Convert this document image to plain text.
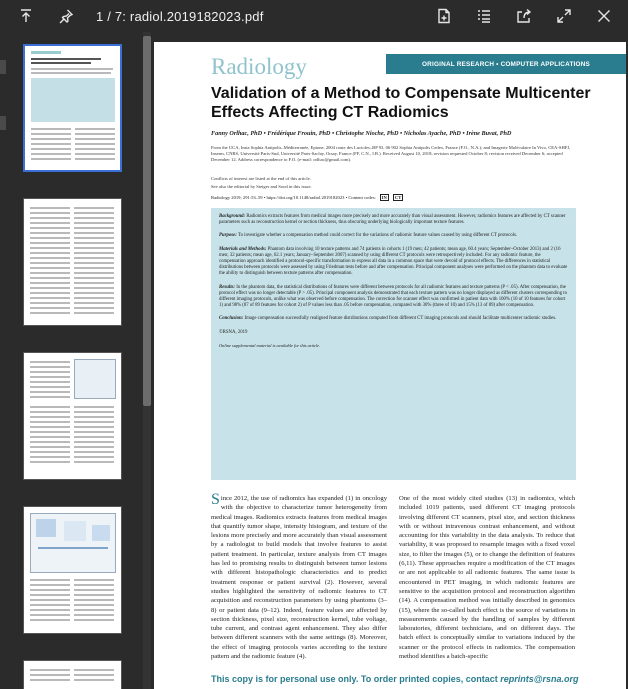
1 / 7: radiol.2019182023.pdf
ORIGINAL RESEARCH • COMPUTER APPLICATIONS
Radiology
Validation of a Method to Compensate Multicenter Effects Affecting CT Radiomics
Fanny Orlhac, PhD • Frédérique Frouin, PhD • Christophe Nioche, PhD • Nicholas Ayache, PhD • Irène Buvat, PhD
From the UCA, Inria Sophia Antipolis–Méditerranée, Epione, 2004 route des Lucioles–BP 93, 06 902 Sophia Antipolis Cedex, France (F.O., N.A.); and Imagerie Moléculaire In Vivo, CEA-SHFJ, Inserm, CNRS, Université Paris-Sud, Université Paris-Saclay, Orsay, France (FF, C.N., I.B.). Received August 10, 2018; revision requested October 8; revision received December 6; accepted December 12. Address correspondence to F.O. (e-mail: orlhac@gmail.com).
Conflicts of interest are listed at the end of this article.
See also the editorial by Steiger and Sood in this issue.
Radiology 2019; 291:53–59 • https://doi.org/10.1148/radiol.2019182023 • Content codes:	IN	CT

Background: Radiomics extracts features from medical images more precisely and more accurately than visual assessment. However, radiomics features are affected by CT scanner parameters such as reconstruction kernel or section thickness, thus obscuring underlying biologically important texture features.

Purpose: To investigate whether a compensation method could correct for the variations of radiomic feature values caused by using different CT protocols.

Materials and Methods: Phantom data involving 10 texture patterns and 74 patients in cohorts 1 (19 men; 42 patients; mean age, 60.4 years; September–October 2013) and 2 (16 men; 32 patients; mean age, 62.1 years; January–September 2007) scanned by using different CT protocols were retrospectively included. For any radiomic feature, the compensation approach identified a protocol-specific transformation to express all data in a common space that were devoid of protocol effects. The differences in statistical distributions between protocols were assessed by using Friedman tests before and after compensation. Principal component analyses were performed on the phantom data to evaluate the ability to distinguish between texture patterns after compensation.

Results: In the phantom data, the statistical distributions of features were different between protocols for all radiomic features and texture patterns (P < .05). After compensation, the protocol effect was no longer detectable (P > .05). Principal component analysis demonstrated that each texture pattern was no longer displayed as different clusters corresponding to different imaging protocols, unlike what was observed before compensation. The correction for scanner effect was confirmed in patient data with 100% (10 of 10 features for cohort 1) and 98% (87 of 89 features for cohort 2) of P values less than .05 before compensation, compared with 30% (three of 10) and 15% (13 of 89) after compensation.

Conclusion: Image compensation successfully realigned feature distributions computed from different CT imaging protocols and should facilitate multicenter radiomic studies.

©RSNA, 2019

Online supplemental material is available for this article.

Since 2012, the use of radiomics has expanded (1) in oncology with the objective to characterize tumor heterogeneity from medical images. Radiomics extracts features from medical images that quantify tumor shape, intensity histogram, and texture of the lesions more precisely and more accurately than visual assessment by a radiologist to build models that involve features to assist patient treatment. In particular, texture analysis from CT images has led to promising results to distinguish between tumor lesions with different histopathologic characteristics and to predict treatment response or patient survival (2). However, several studies highlighted the sensitivity of radiomic features to CT acquisition and reconstruction parameters by using phantoms (3–8) or patient data (9–12). Indeed, feature values are affected by section thickness, pixel size, reconstruction kernel, tube voltage, tube current, and contrast agent enhancement. They also differ between different scanners with the same settings (8). Moreover, the effect of imaging protocols varies according to the texture pattern and the radiomic feature (4).
One of the most widely cited studies (13) in radiomics, which included 1019 patients, used different CT imaging protocols involving different CT scanners, pixel size, and section thickness with or without intravenous contrast enhancement, and without accounting for this variability in the data analysis. To reduce that variability, it was proposed to resample images with a fixed voxel size, to filter the images (5), or to change the definition of features (6,11). These approaches require a modification of the CT images or are not applicable to all radiomic features. The same issue is encountered in PET imaging, in which radiomic features are sensitive to the acquisition protocol and reconstruction algorithm (14). A compensation method was initially described in genomics (15), where the so-called batch effect is the source of variations in measurements caused by the handling of samples by different laboratories, different technicians, and on different days. The batch effect is conceptually similar to variations induced by the scanner or the protocol effects in radiomics. The compensation method identifies a batch-specific
This copy is for personal use only. To order printed copies, contact reprints@rsna.org
